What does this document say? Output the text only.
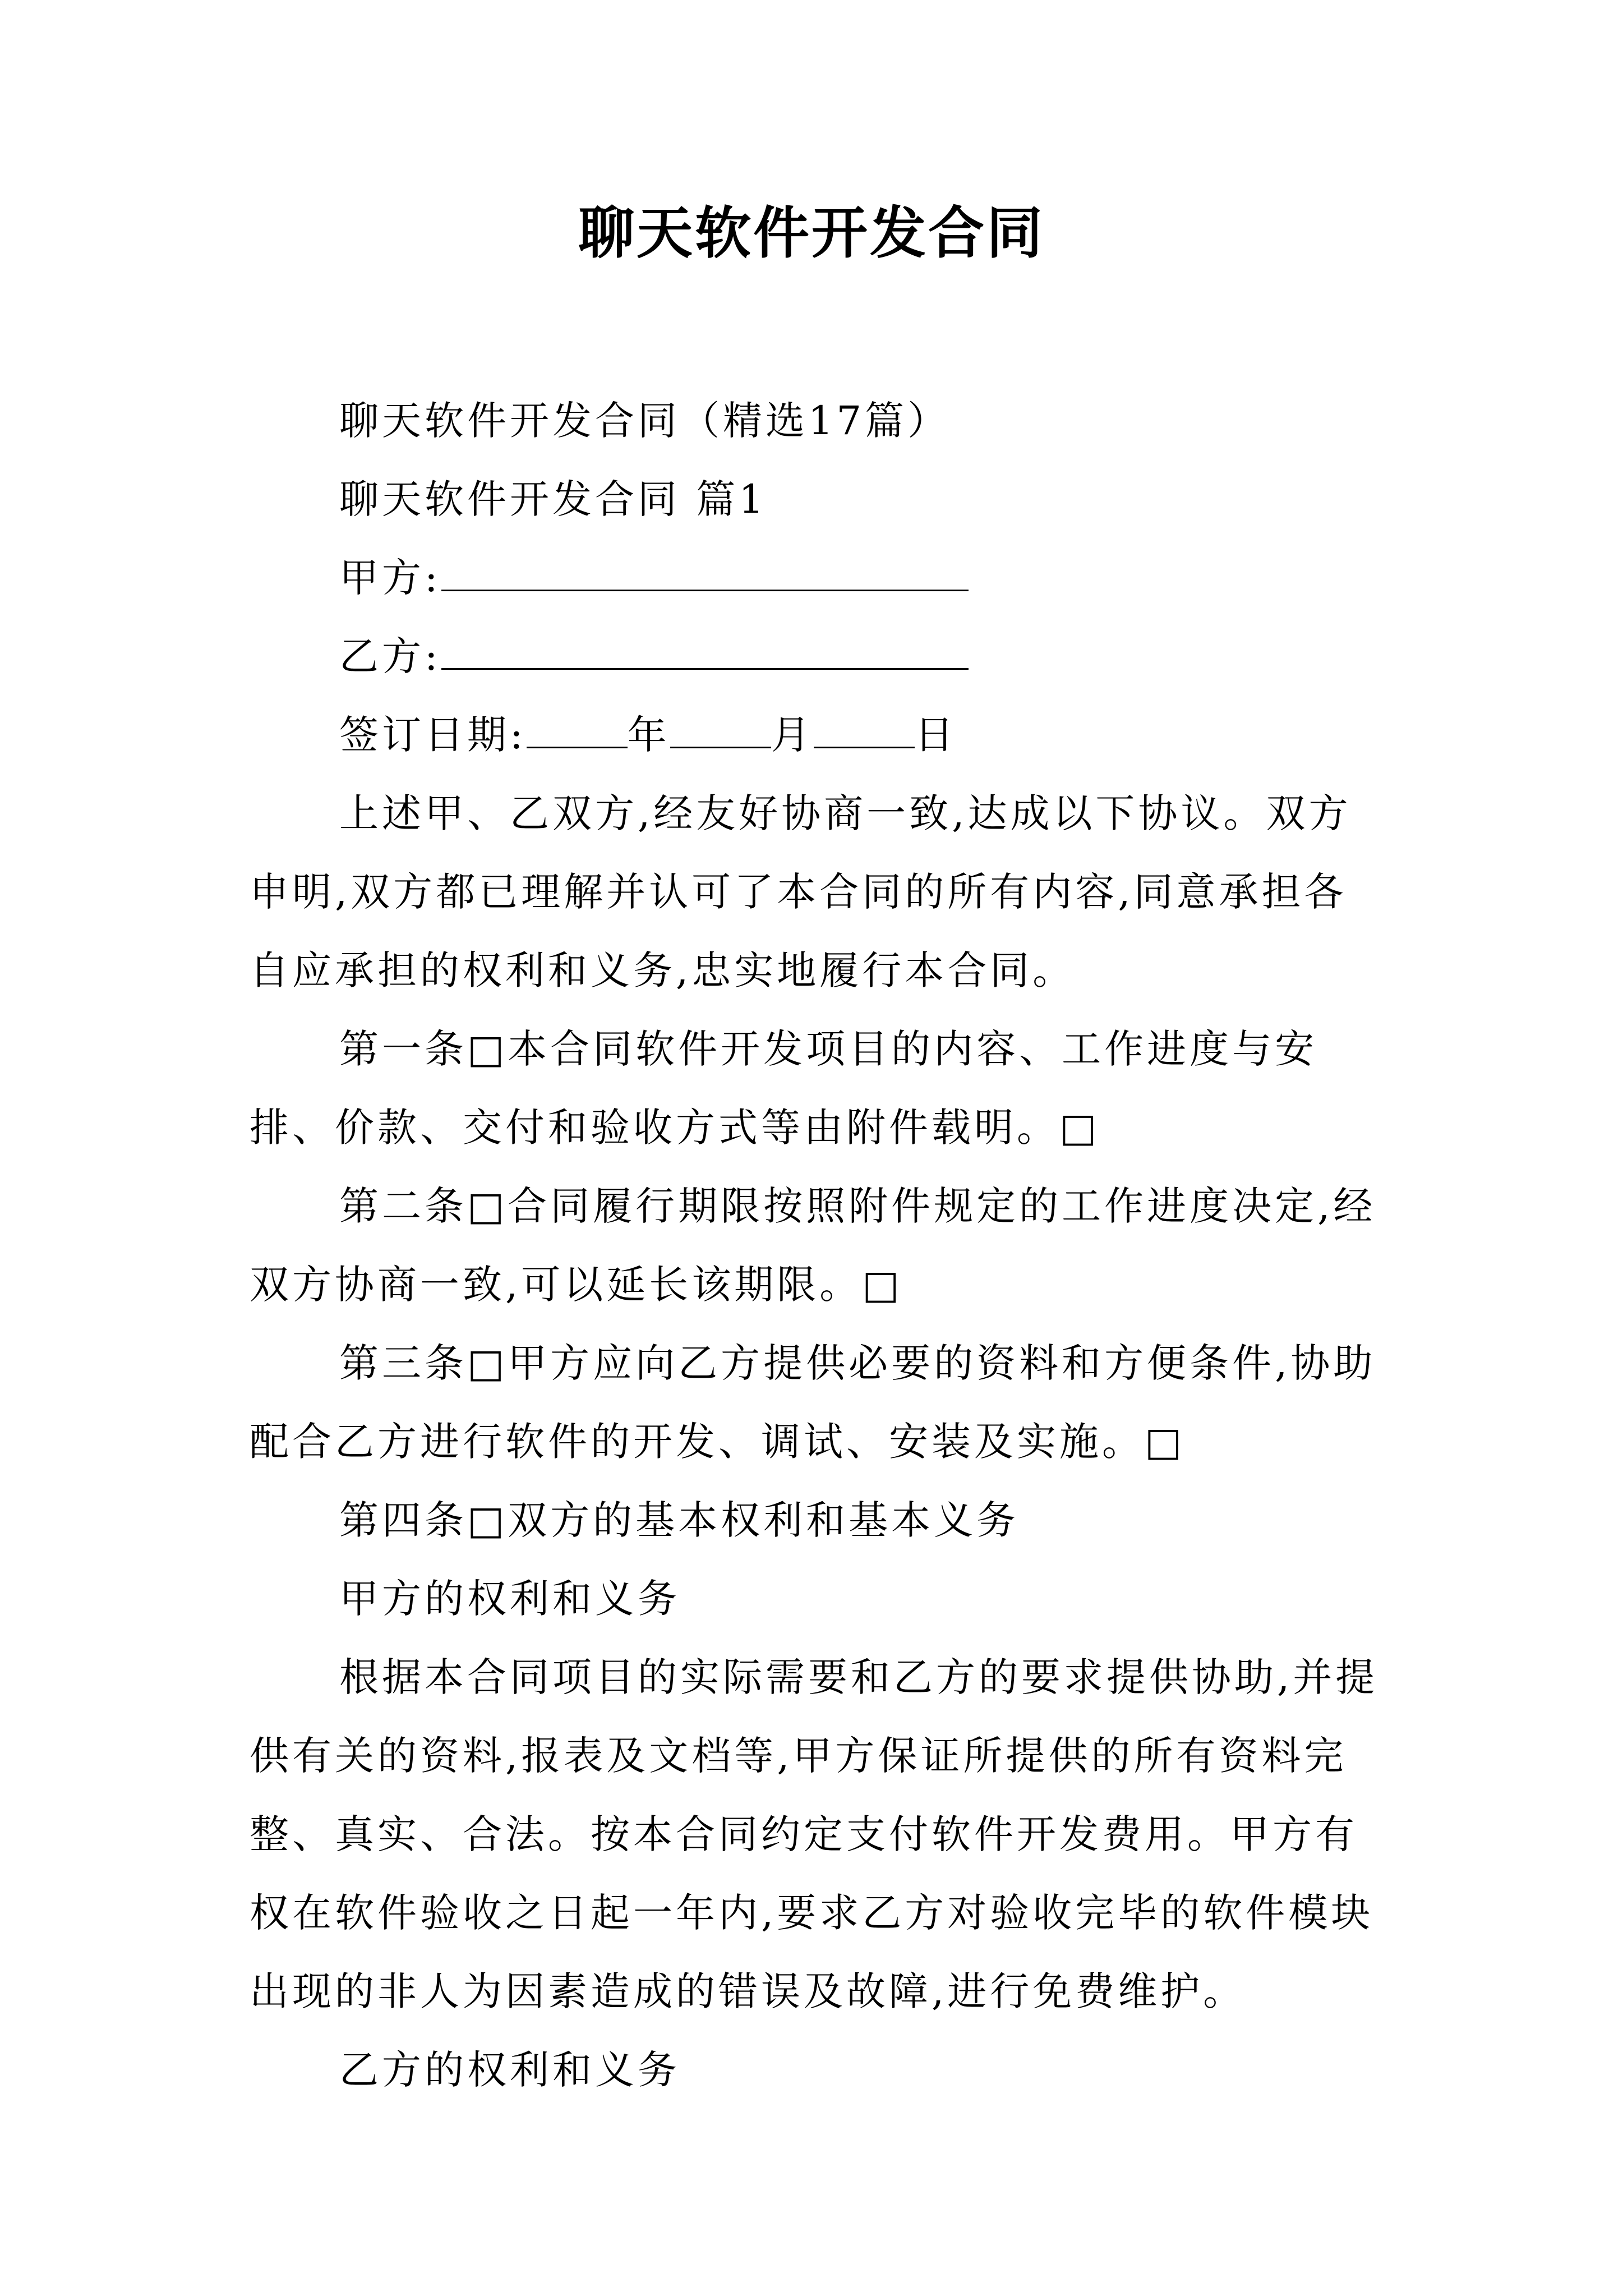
聊天软件开发合同

聊天软件开发合同（精选17篇）

聊天软件开发合同 篇1

甲方:

乙方:

签订日期:	年	月	日

上述甲、乙双方,经友好协商一致,达成以下协议。双方申明,双方都已理解并认可了本合同的所有内容,同意承担各自应承担的权利和义务,忠实地履行本合同。

第一条□本合同软件开发项目的内容、工作进度与安排、价款、交付和验收方式等由附件载明。□

第二条□合同履行期限按照附件规定的工作进度决定,经双方协商一致,可以延长该期限。□

第三条□甲方应向乙方提供必要的资料和方便条件,协助配合乙方进行软件的开发、调试、安装及实施。□

第四条□双方的基本权利和基本义务

甲方的权利和义务

根据本合同项目的实际需要和乙方的要求提供协助,并提供有关的资料,报表及文档等,甲方保证所提供的所有资料完整、真实、合法。按本合同约定支付软件开发费用。甲方有权在软件验收之日起一年内,要求乙方对验收完毕的软件模块出现的非人为因素造成的错误及故障,进行免费维护。

乙方的权利和义务
